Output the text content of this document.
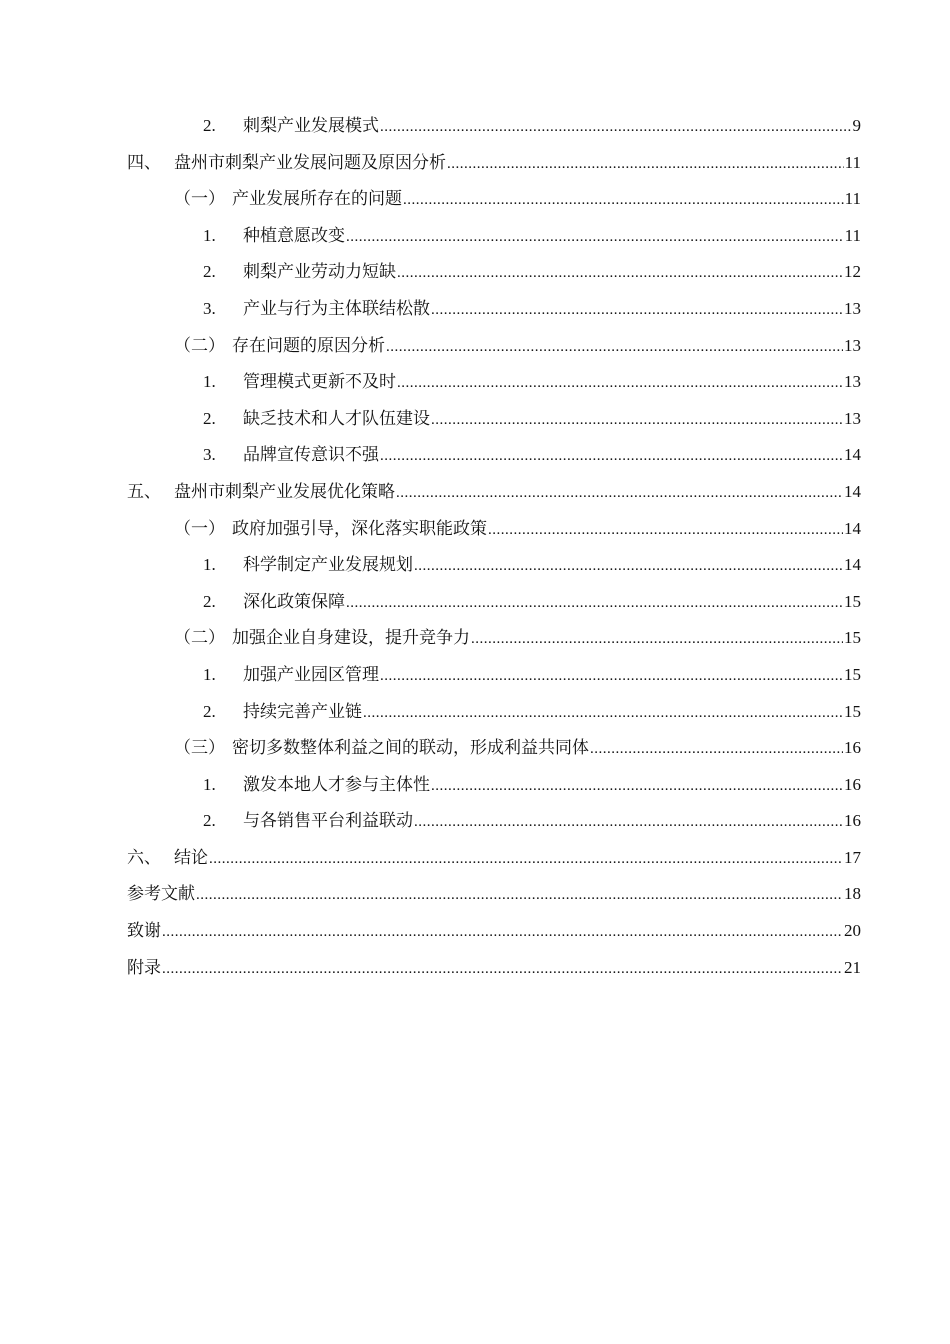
2.	刺梨产业发展模式 .....	9
四、 盘州市刺梨产业发展问题及原因分析 .....	11
（一） 产业发展所存在的问题 .....	11
1.	种植意愿改变 .....	11
2.	刺梨产业劳动力短缺 .....	12
3.	产业与行为主体联结松散 .....	13
（二） 存在问题的原因分析 .....	13
1.	管理模式更新不及时 .....	13
2.	缺乏技术和人才队伍建设 .....	13
3.	品牌宣传意识不强 .....	14
五、 盘州市刺梨产业发展优化策略 .....	14
（一） 政府加强引导，深化落实职能政策 .....	14
1.	科学制定产业发展规划 .....	14
2.	深化政策保障 .....	15
（二） 加强企业自身建设，提升竞争力 .....	15
1.	加强产业园区管理 .....	15
2.	持续完善产业链 .....	15
（三） 密切多数整体利益之间的联动，形成利益共同体 .....	16
1.	激发本地人才参与主体性 .....	16
2.	与各销售平台利益联动 .....	16
六、 结论 .....	17
参考文献 .....	18
致谢 .....	20
附录 .....	21
